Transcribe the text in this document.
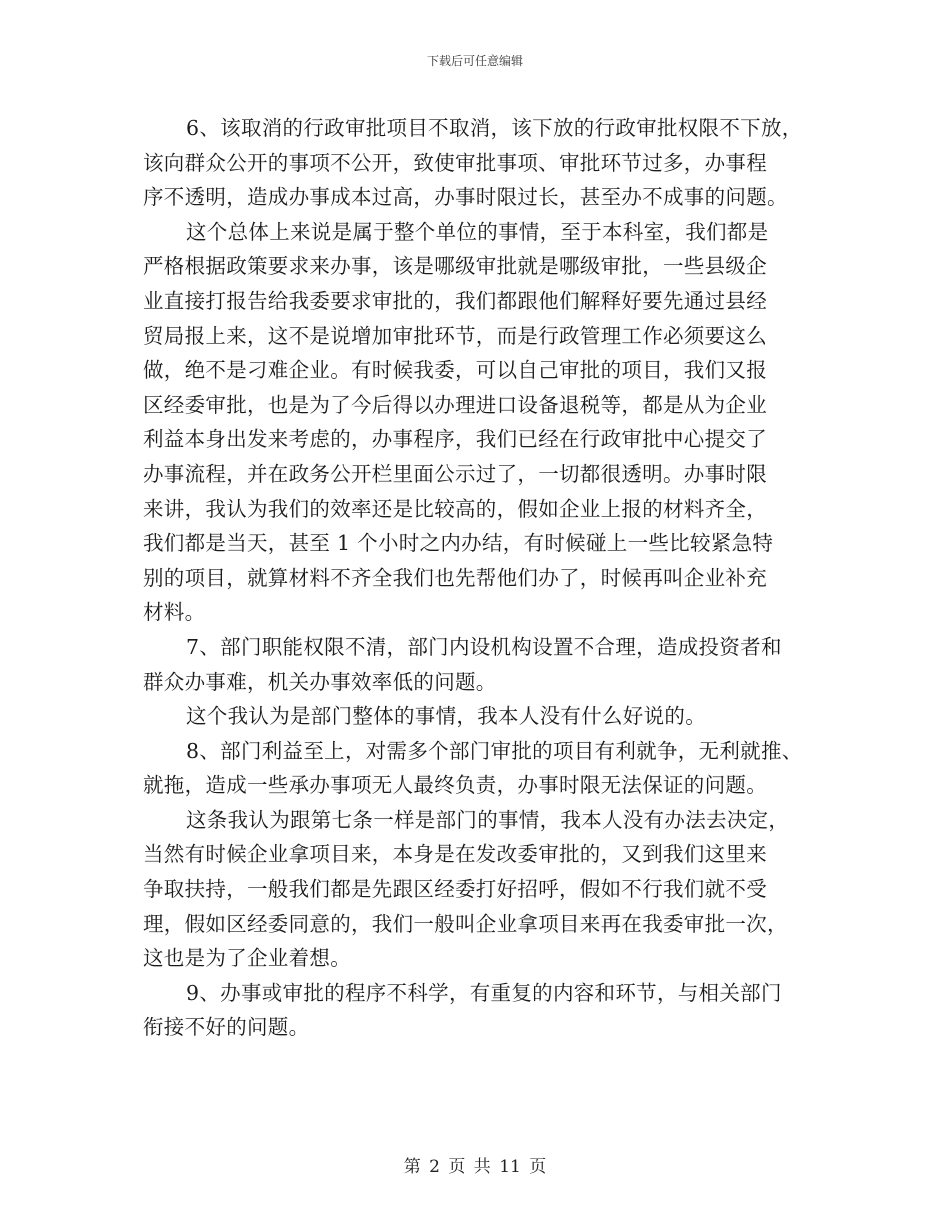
下载后可任意编辑
6、该取消的行政审批项目不取消，该下放的行政审批权限不下放，
该向群众公开的事项不公开，致使审批事项、审批环节过多，办事程
序不透明，造成办事成本过高，办事时限过长，甚至办不成事的问题。
这个总体上来说是属于整个单位的事情，至于本科室，我们都是
严格根据政策要求来办事，该是哪级审批就是哪级审批，一些县级企
业直接打报告给我委要求审批的，我们都跟他们解释好要先通过县经
贸局报上来，这不是说增加审批环节，而是行政管理工作必须要这么
做，绝不是刁难企业。有时候我委，可以自己审批的项目，我们又报
区经委审批，也是为了今后得以办理进口设备退税等，都是从为企业
利益本身出发来考虑的，办事程序，我们已经在行政审批中心提交了
办事流程，并在政务公开栏里面公示过了，一切都很透明。办事时限
来讲，我认为我们的效率还是比较高的，假如企业上报的材料齐全，
我们都是当天，甚至 1 个小时之内办结，有时候碰上一些比较紧急特
别的项目，就算材料不齐全我们也先帮他们办了，时候再叫企业补充
材料。
7、部门职能权限不清，部门内设机构设置不合理，造成投资者和
群众办事难，机关办事效率低的问题。
这个我认为是部门整体的事情，我本人没有什么好说的。
8、部门利益至上，对需多个部门审批的项目有利就争，无利就推、
就拖，造成一些承办事项无人最终负责，办事时限无法保证的问题。
这条我认为跟第七条一样是部门的事情，我本人没有办法去决定，
当然有时候企业拿项目来，本身是在发改委审批的，又到我们这里来
争取扶持，一般我们都是先跟区经委打好招呼，假如不行我们就不受
理，假如区经委同意的，我们一般叫企业拿项目来再在我委审批一次，
这也是为了企业着想。
9、办事或审批的程序不科学，有重复的内容和环节，与相关部门
衔接不好的问题。
第 2 页 共 11 页
